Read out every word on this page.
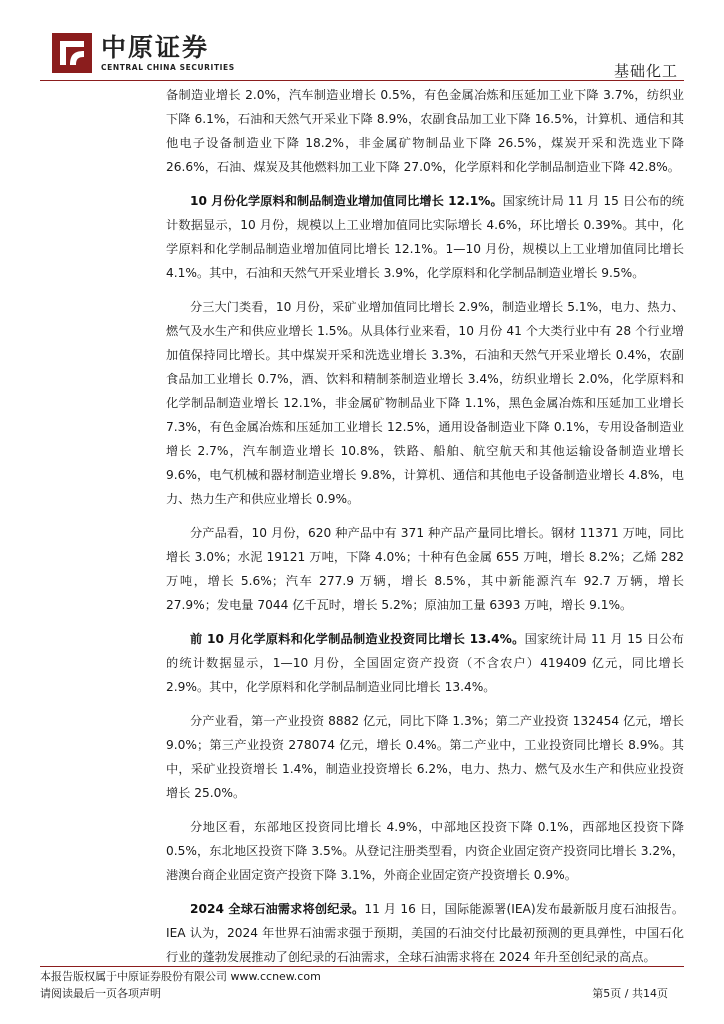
中原证券
CENTRAL CHINA SECURITIES	基础化工

备制造业增长 2.0%，汽车制造业增长 0.5%，有色金属冶炼和压延加工业下降 3.7%，纺织业下降 6.1%，石油和天然气开采业下降 8.9%，农副食品加工业下降 16.5%，计算机、通信和其他电子设备制造业下降 18.2%，非金属矿物制品业下降 26.5%，煤炭开采和洗选业下降 26.6%，石油、煤炭及其他燃料加工业下降 27.0%，化学原料和化学制品制造业下降 42.8%。

10 月份化学原料和制品制造业增加值同比增长 12.1%。国家统计局 11 月 15 日公布的统计数据显示，10 月份，规模以上工业增加值同比实际增长 4.6%，环比增长 0.39%。其中，化学原料和化学制品制造业增加值同比增长 12.1%。1—10 月份，规模以上工业增加值同比增长 4.1%。其中，石油和天然气开采业增长 3.9%，化学原料和化学制品制造业增长 9.5%。

分三大门类看，10 月份，采矿业增加值同比增长 2.9%，制造业增长 5.1%，电力、热力、燃气及水生产和供应业增长 1.5%。从具体行业来看，10 月份 41 个大类行业中有 28 个行业增加值保持同比增长。其中煤炭开采和洗选业增长 3.3%，石油和天然气开采业增长 0.4%，农副食品加工业增长 0.7%，酒、饮料和精制茶制造业增长 3.4%，纺织业增长 2.0%，化学原料和化学制品制造业增长 12.1%，非金属矿物制品业下降 1.1%，黑色金属冶炼和压延加工业增长 7.3%，有色金属冶炼和压延加工业增长 12.5%，通用设备制造业下降 0.1%，专用设备制造业增长 2.7%，汽车制造业增长 10.8%，铁路、船舶、航空航天和其他运输设备制造业增长 9.6%，电气机械和器材制造业增长 9.8%，计算机、通信和其他电子设备制造业增长 4.8%，电力、热力生产和供应业增长 0.9%。

分产品看，10 月份，620 种产品中有 371 种产品产量同比增长。钢材 11371 万吨，同比增长 3.0%；水泥 19121 万吨，下降 4.0%；十种有色金属 655 万吨，增长 8.2%；乙烯 282 万吨，增长 5.6%；汽车 277.9 万辆，增长 8.5%，其中新能源汽车 92.7 万辆，增长 27.9%；发电量 7044 亿千瓦时，增长 5.2%；原油加工量 6393 万吨，增长 9.1%。

前 10 月化学原料和化学制品制造业投资同比增长 13.4%。国家统计局 11 月 15 日公布的统计数据显示，1—10 月份，全国固定资产投资（不含农户）419409 亿元，同比增长 2.9%。其中，化学原料和化学制品制造业同比增长 13.4%。

分产业看，第一产业投资 8882 亿元，同比下降 1.3%；第二产业投资 132454 亿元，增长 9.0%；第三产业投资 278074 亿元，增长 0.4%。第二产业中，工业投资同比增长 8.9%。其中，采矿业投资增长 1.4%，制造业投资增长 6.2%，电力、热力、燃气及水生产和供应业投资增长 25.0%。

分地区看，东部地区投资同比增长 4.9%，中部地区投资下降 0.1%，西部地区投资下降 0.5%，东北地区投资下降 3.5%。从登记注册类型看，内资企业固定资产投资同比增长 3.2%，港澳台商企业固定资产投资下降 3.1%，外商企业固定资产投资增长 0.9%。

2024 全球石油需求将创纪录。11 月 16 日，国际能源署(IEA)发布最新版月度石油报告。IEA 认为，2024 年世界石油需求强于预期，美国的石油交付比最初预测的更具弹性，中国石化行业的蓬勃发展推动了创纪录的石油需求，全球石油需求将在 2024 年升至创纪录的高点。

本报告版权属于中原证券股份有限公司 www.ccnew.com
请阅读最后一页各项声明	第5页 / 共14页
